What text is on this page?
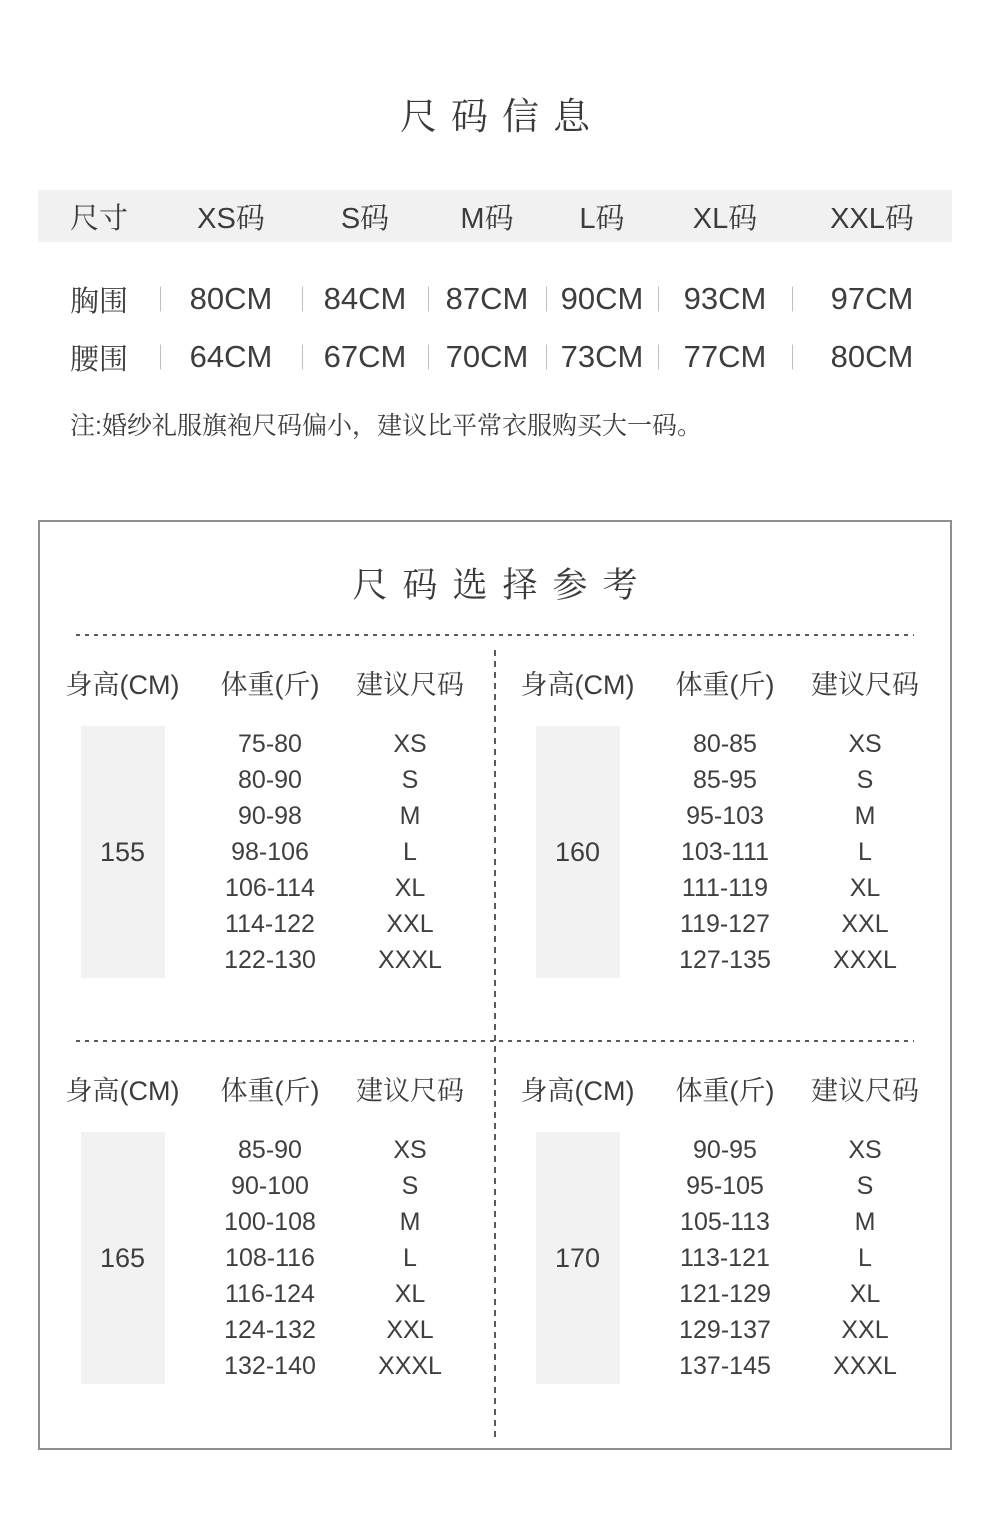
尺码信息
尺寸	XS码	S码	M码	L码	XL码	XXL码
胸围	80CM	84CM	87CM	90CM	93CM	97CM
腰围	64CM	67CM	70CM	73CM	77CM	80CM

注:婚纱礼服旗袍尺码偏小，建议比平常衣服购买大一码。

尺码选择参考
身高(CM) 体重(斤) 建议尺码
155
75-80	XS
80-90	S
90-98	M
98-106	L
106-114	XL
114-122	XXL
122-130 XXXL
身高(CM) 体重(斤) 建议尺码
160
80-85	XS
85-95	S
95-103	M
103-111	L
111-119	XL
119-127	XXL
127-135 XXXL
身高(CM) 体重(斤) 建议尺码
165
85-90	XS
90-100	S
100-108	M
108-116	L
116-124	XL
124-132	XXL
132-140 XXXL
身高(CM) 体重(斤) 建议尺码
170
90-95	XS
95-105	S
105-113	M
113-121	L
121-129	XL
129-137	XXL
137-145 XXXL
